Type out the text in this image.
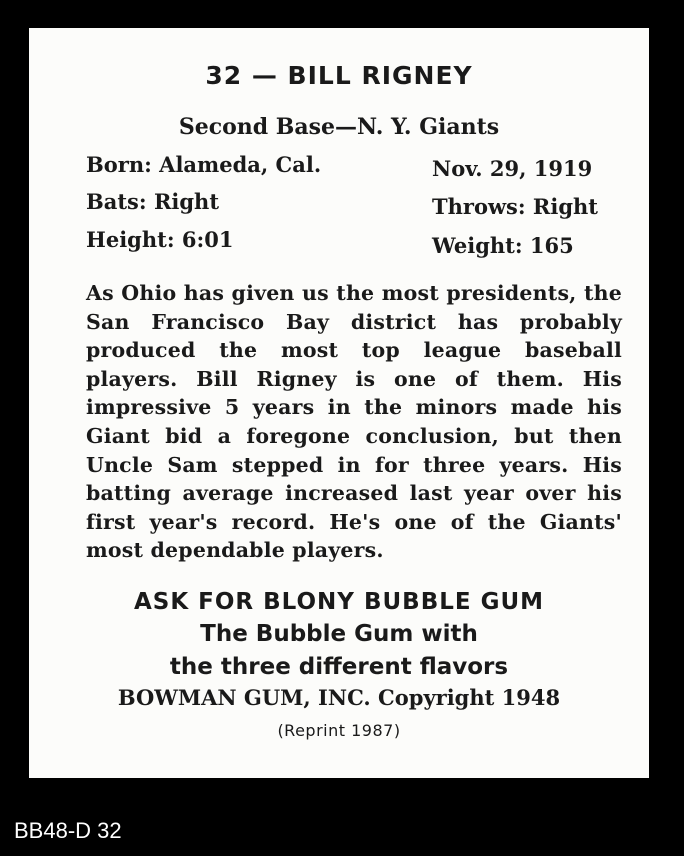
32 — BILL RIGNEY
Second Base—N. Y. Giants
Born: Alameda, Cal.	Nov. 29, 1919
Bats: Right	Throws: Right
Height: 6:01	Weight: 165
As Ohio has given us the most presidents, the San Francisco Bay district has probably produced the most top league baseball players. Bill Rigney is one of them. His impressive 5 years in the minors made his Giant bid a foregone conclusion, but then Uncle Sam stepped in for three years. His batting average increased last year over his first year's record. He's one of the Giants' most dependable players.
ASK FOR BLONY BUBBLE GUM
The Bubble Gum with
the three different flavors
BOWMAN GUM, INC. Copyright 1948
(Reprint 1987)
BB48-D 32
